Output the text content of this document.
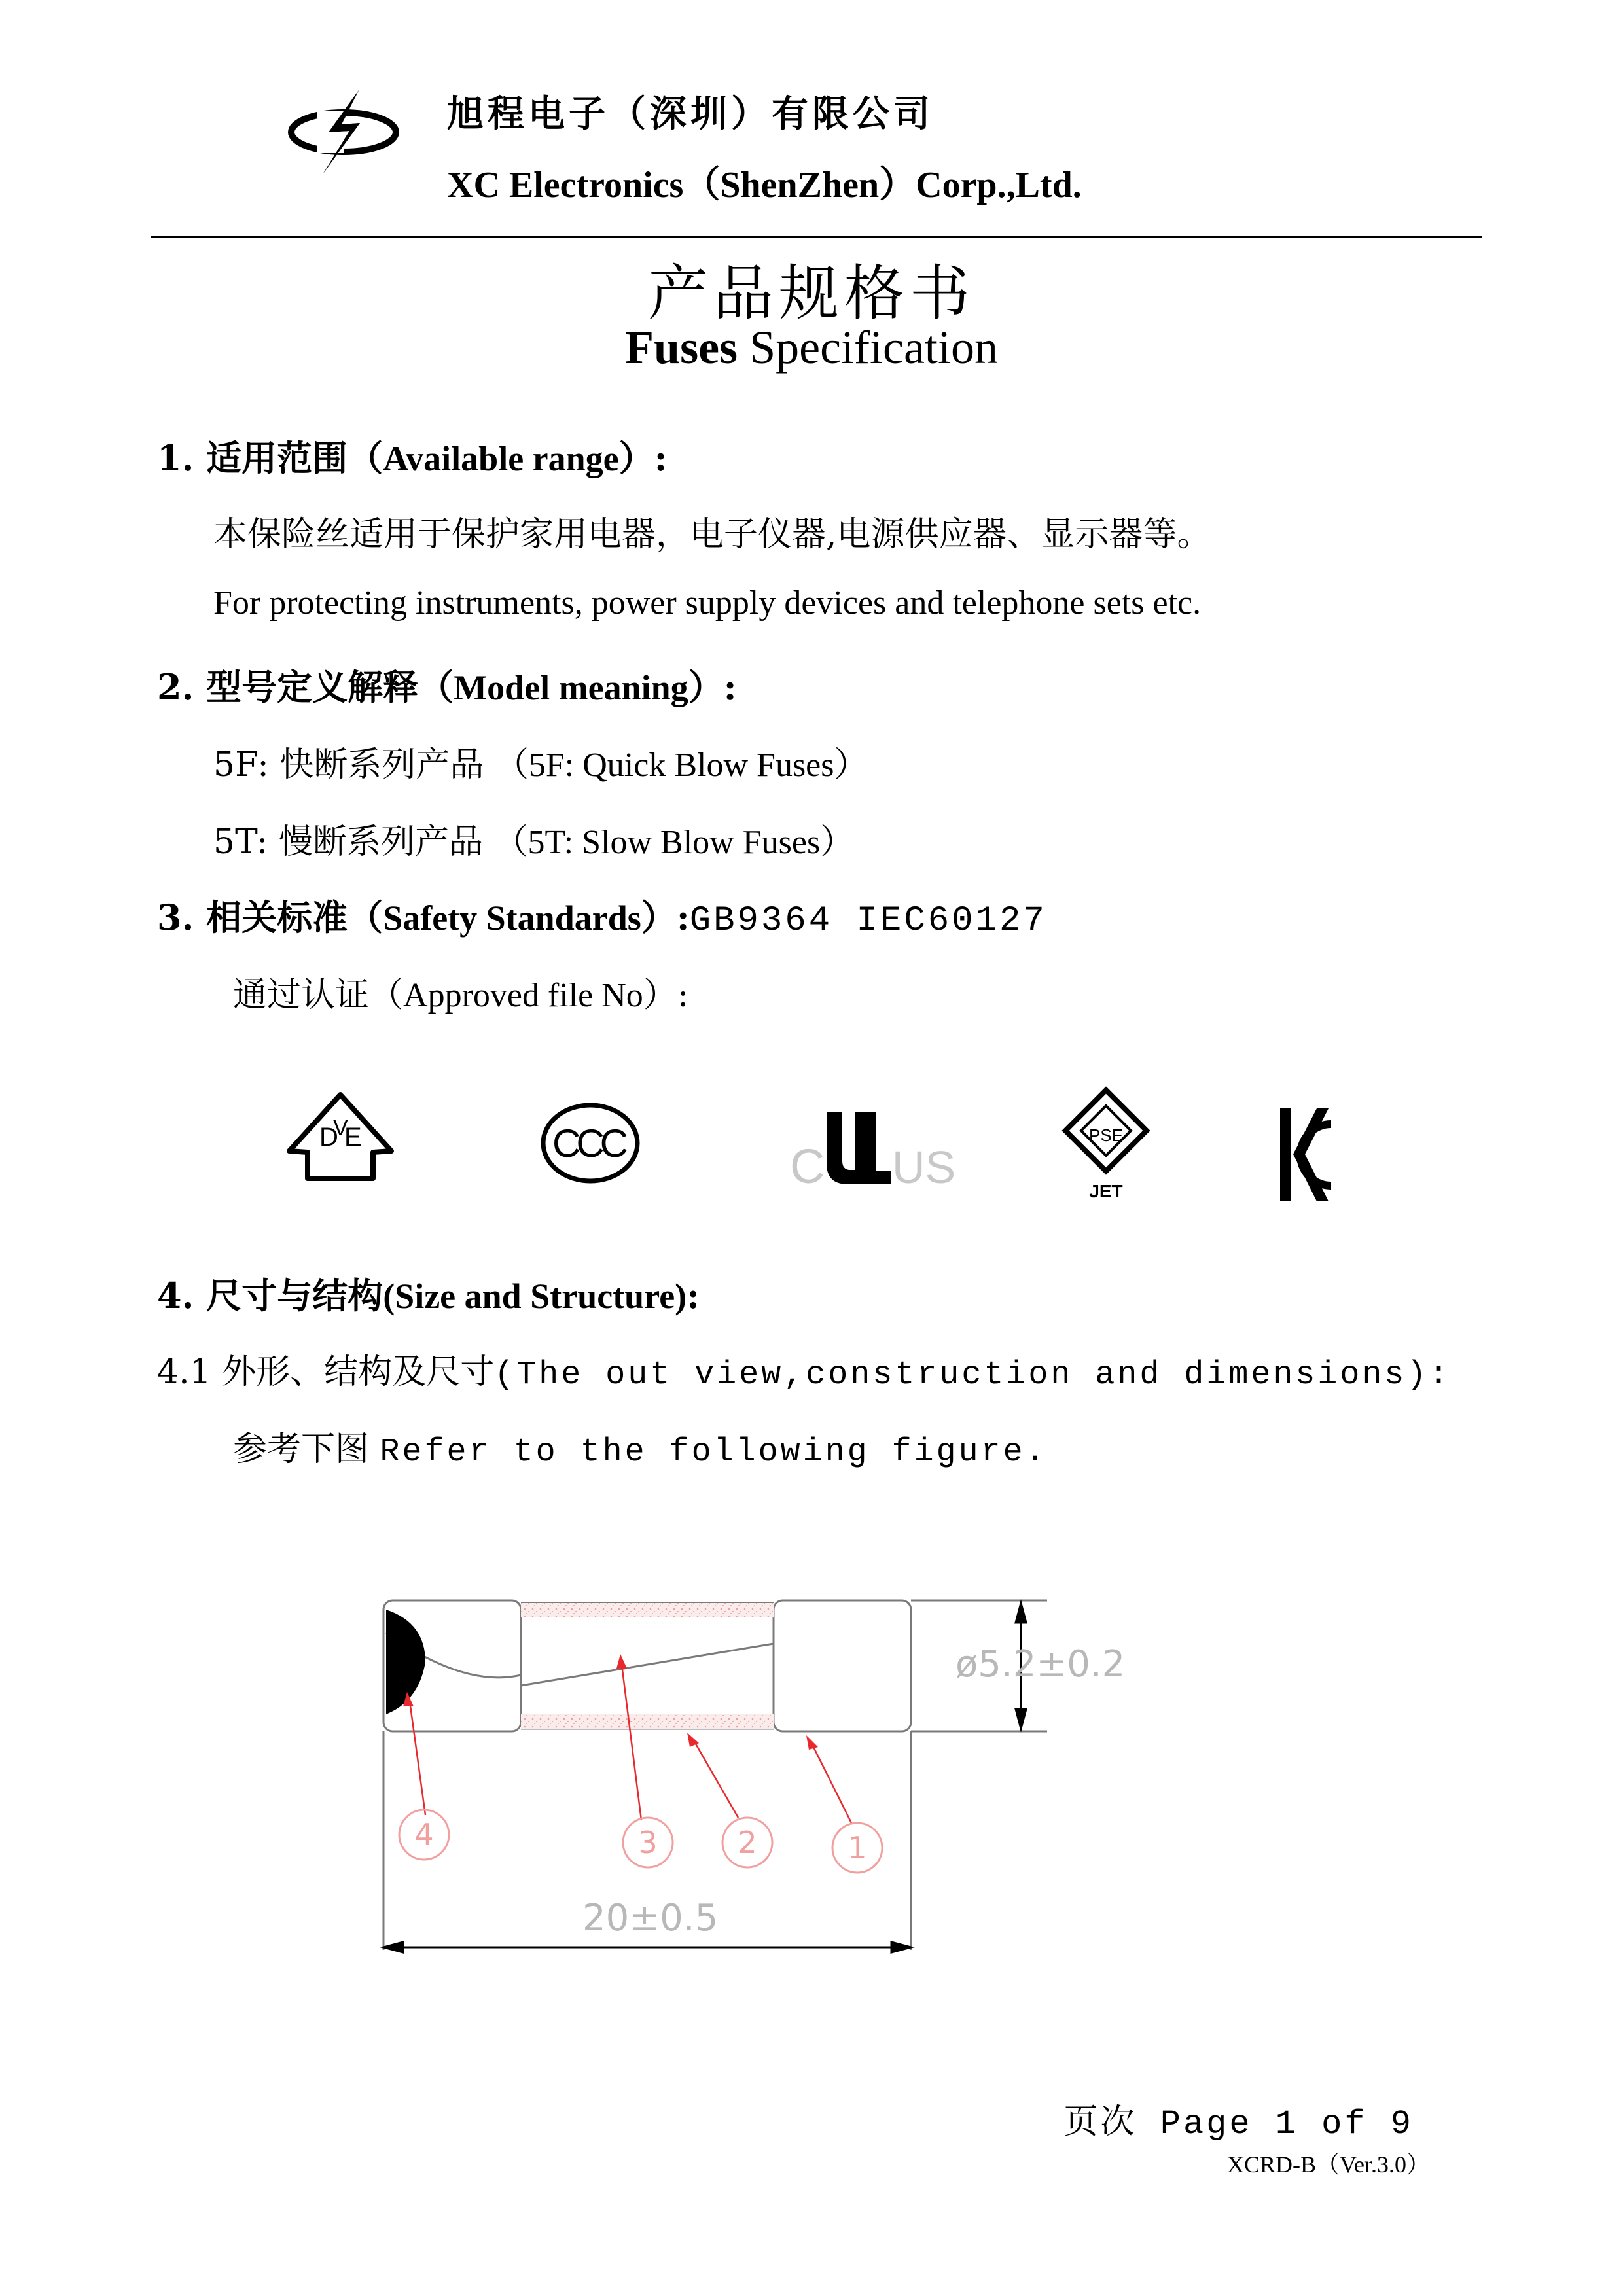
旭程电子（深圳）有限公司
XC Electronics（ShenZhen）Corp.,Ltd.
产品规格书
Fuses Specification
1. 适用范围（Available range）:
本保险丝适用于保护家用电器，电子仪器,电源供应器、显示器等。
For protecting instruments, power supply devices and telephone sets etc.
2. 型号定义解释（Model meaning）:
5F: 快断系列产品 （5F: Quick Blow Fuses）
5T: 慢断系列产品 （5T: Slow Blow Fuses）
3. 相关标准（Safety Standards）:GB9364 IEC60127
通过认证（Approved file No）:
D
V
E	CCC	C US
PSE
JET
4. 尺寸与结构(Size and Structure):
4.1 外形、结构及尺寸(The out view,construction and dimensions):
参考下图 Refer to the following figure.
ø5.2±0.2
20±0.5
1
2
3
4
页次 Page 1 of 9
XCRD-B（Ver.3.0）
